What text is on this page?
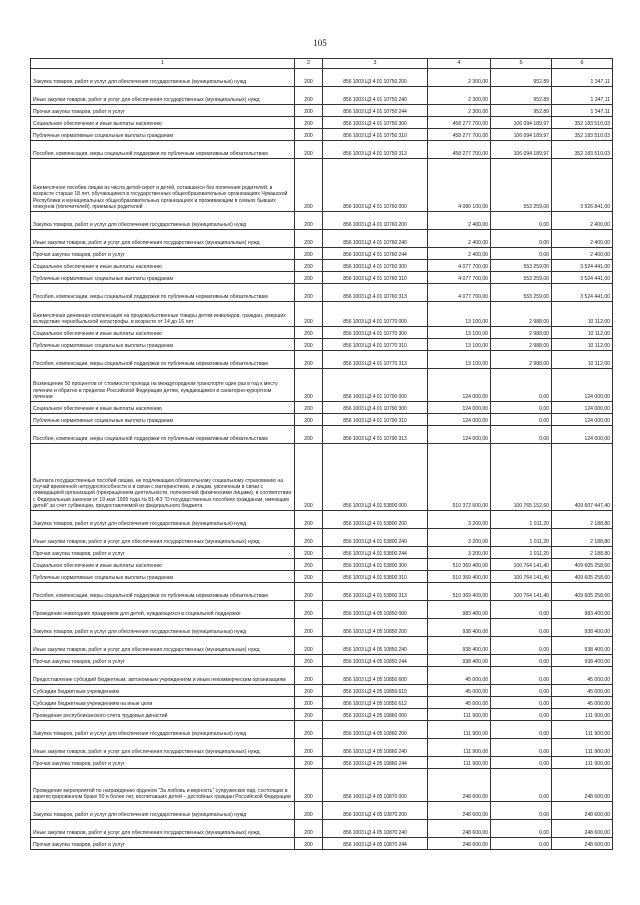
105
1	2	3	4	5	6
Закупка товаров, работ и услуг для обеспечения государственных (муниципальных) нужд	200	856 1003 Ц3 4 01 10750 200	2 300,00	952,89	1 347,11
Иные закупки товаров, работ и услуг для обеспечения государственных (муниципальных) нужд	200	856 1003 Ц3 4 01 10750 240	2 300,00	952,89	1 347,11
Прочая закупка товаров, работ и услуг	200	856 1003 Ц3 4 01 10750 244	2 300,00	952,89	1 347,11
Социальное обеспечение и иные выплаты населению	200	856 1003 Ц3 4 01 10750 300	458 277 700,00	106 094 189,97	352 183 510,03
Публичные нормативные социальные выплаты гражданам	200	856 1003 Ц3 4 01 10750 310	458 277 700,00	106 094 189,97	352 183 510,03
Пособия, компенсации, меры социальной поддержки по публичным нормативным обязательствам	200	856 1003 Ц3 4 01 10750 313	458 277 700,00	106 094 189,97	352 183 510,03
Ежемесячное пособие лицам из числа детей-сирот и детей, оставшихся без попечения родителей, в возрасте старше 18 лет, обучающимся в государственных общеобразовательных организациях Чувашской Республики и муниципальных общеобразовательных организациях и проживающим в семьях бывших опекунов (попечителей), приемных родителей	200	856 1003 Ц3 4 01 10760 000	4 080 100,00	553 259,00	3 526 841,00
Закупка товаров, работ и услуг для обеспечения государственных (муниципальных) нужд	200	856 1003 Ц3 4 01 10760 200	2 400,00	0,00	2 400,00
Иные закупки товаров, работ и услуг для обеспечения государственных (муниципальных) нужд	200	856 1003 Ц3 4 01 10760 240	2 400,00	0,00	2 400,00
Прочая закупка товаров, работ и услуг	200	856 1003 Ц3 4 01 10760 244	2 400,00	0,00	2 400,00
Социальное обеспечение и иные выплаты населению	200	856 1003 Ц3 4 01 10760 300	4 077 700,00	553 259,00	3 524 441,00
Публичные нормативные социальные выплаты гражданам	200	856 1003 Ц3 4 01 10760 310	4 077 700,00	553 259,00	3 524 441,00
Пособия, компенсации, меры социальной поддержки по публичным нормативным обязательствам	200	856 1003 Ц3 4 01 10760 313	4 077 700,00	553 259,00	3 524 441,00
Ежемесячная денежная компенсация на продовольственные товары детям инвалидов, граждан, умерших вследствие чернобыльской катастрофы, в возрасте от 14 до 16 лет	200	856 1003 Ц3 4 01 10770 000	13 100,00	2 988,00	10 112,00
Социальное обеспечение и иные выплаты населению	200	856 1003 Ц3 4 01 10770 300	13 100,00	2 988,00	10 112,00
Публичные нормативные социальные выплаты гражданам	200	856 1003 Ц3 4 01 10770 310	13 100,00	2 988,00	10 112,00
Пособия, компенсации, меры социальной поддержки по публичным нормативным обязательствам	200	856 1003 Ц3 4 01 10770 313	13 100,00	2 988,00	10 112,00
Возмещение 50 процентов от стоимости проезда на междугородном транспорте один раз в год к месту лечения и обратно в пределах Российской Федерации детям, нуждающимся в санаторно-курортном лечении	200	856 1003 Ц3 4 01 10790 000	124 000,00	0,00	124 000,00
Социальное обеспечение и иные выплаты населению	200	856 1003 Ц3 4 01 10790 300	124 000,00	0,00	124 000,00
Публичные нормативные социальные выплаты гражданам	200	856 1003 Ц3 4 01 10790 310	124 000,00	0,00	124 000,00
Пособия, компенсации, меры социальной поддержки по публичным нормативным обязательствам	200	856 1003 Ц3 4 01 10790 313	124 000,00	0,00	124 000,00
Выплата государственных пособий лицам, не подлежащим обязательному социальному страхованию на случай временной нетрудоспособности и в связи с материнством, и лицам, уволенным в связи с ликвидацией организаций (прекращением деятельности, полномочий физическими лицами), в соответствии с Федеральным законом от 19 мая 1995 года № 81-ФЗ "О государственных пособиях гражданам, имеющим детей" за счет субвенции, предоставляемой из федерального бюджета	200	856 1003 Ц3 4 01 53800 000	510 372 600,00	100 765 152,60	409 607 447,40
Закупка товаров, работ и услуг для обеспечения государственных (муниципальных) нужд	200	856 1003 Ц3 4 01 53800 200	3 200,00	1 011,20	2 188,80
Иные закупки товаров, работ и услуг для обеспечения государственных (муниципальных) нужд	200	856 1003 Ц3 4 01 53800 240	3 200,00	1 011,20	2 188,80
Прочая закупка товаров, работ и услуг	200	856 1003 Ц3 4 01 53800 244	3 200,00	1 011,20	2 188,80
Социальное обеспечение и иные выплаты населению	200	856 1003 Ц3 4 01 53800 300	510 369 400,00	100 764 141,40	409 605 258,60
Публичные нормативные социальные выплаты гражданам	200	856 1003 Ц3 4 01 53800 310	510 369 400,00	100 764 141,40	409 605 258,60
Пособия, компенсации, меры социальной поддержки по публичным нормативным обязательствам	200	856 1003 Ц3 4 01 53800 313	510 369 400,00	100 764 141,40	409 605 258,60
Проведение новогодних праздников для детей, нуждающихся в социальной поддержке	200	856 1003 Ц3 4 05 10850 000	983 400,00	0,00	983 400,00
Закупка товаров, работ и услуг для обеспечения государственных (муниципальных) нужд	200	856 1003 Ц3 4 05 10850 200	938 400,00	0,00	938 400,00
Иные закупки товаров, работ и услуг для обеспечения государственных (муниципальных) нужд	200	856 1003 Ц3 4 05 10850 240	938 400,00	0,00	938 400,00
Прочая закупка товаров, работ и услуг	200	856 1003 Ц3 4 05 10850 244	938 400,00	0,00	938 400,00
Предоставление субсидий бюджетным, автономным учреждениям и иным некоммерческим организациям	200	856 1003 Ц3 4 05 10850 600	45 000,00	0,00	45 000,00
Субсидии бюджетным учреждениям	200	856 1003 Ц3 4 05 10850 610	45 000,00	0,00	45 000,00
Субсидии бюджетным учреждениям на иные цели	200	856 1003 Ц3 4 05 10850 612	45 000,00	0,00	45 000,00
Проведение республиканского слета трудовых династий	200	856 1003 Ц3 4 05 10860 000	111 900,00	0,00	111 900,00
Закупка товаров, работ и услуг для обеспечения государственных (муниципальных) нужд	200	856 1003 Ц3 4 05 10860 200	111 900,00	0,00	111 900,00
Иные закупки товаров, работ и услуг для обеспечения государственных (муниципальных) нужд	200	856 1003 Ц3 4 05 10860 240	111 900,00	0,00	111 900,00
Прочая закупка товаров, работ и услуг	200	856 1003 Ц3 4 05 10860 244	111 900,00	0,00	111 900,00
Проведение мероприятий по награждению орденом "За любовь и верность" супружеских пар, состоящих в зарегистрированном браке 50 и более лет, воспитавших детей – достойных граждан Российской Федерации	200	856 1003 Ц3 4 05 10870 000	248 600,00	0,00	248 600,00
Закупка товаров, работ и услуг для обеспечения государственных (муниципальных) нужд	200	856 1003 Ц3 4 05 10870 200	248 600,00	0,00	248 600,00
Иные закупки товаров, работ и услуг для обеспечения государственных (муниципальных) нужд	200	856 1003 Ц3 4 05 10870 240	248 600,00	0,00	248 600,00
Прочая закупка товаров, работ и услуг	200	856 1003 Ц3 4 05 10870 244	248 600,00	0,00	248 600,00
